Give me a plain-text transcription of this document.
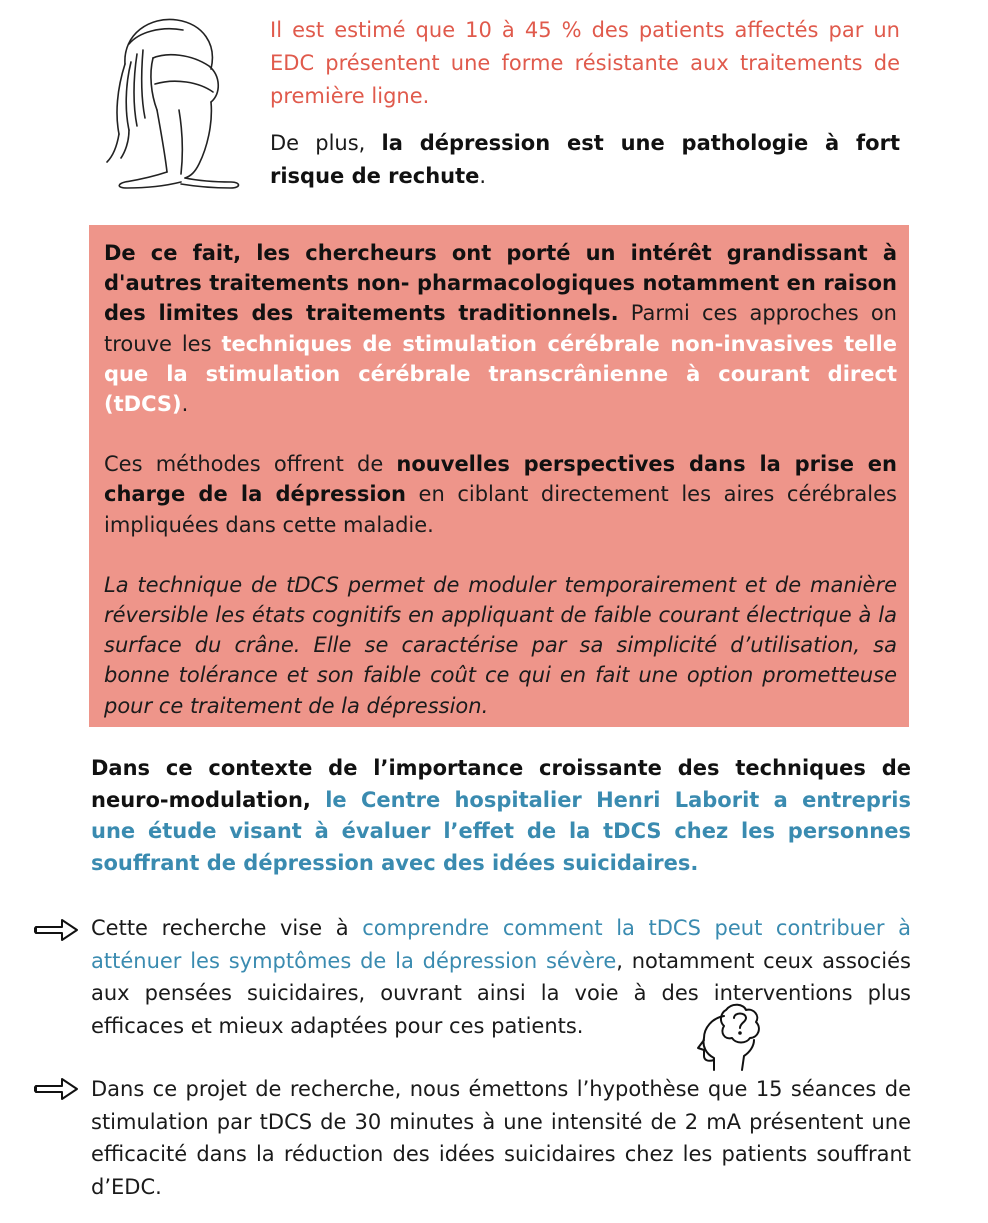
Il est estimé que 10 à 45 % des patients affectés par un EDC présentent une forme résistante aux traitements de première ligne.

De plus, la dépression est une pathologie à fort risque de rechute.

De ce fait, les chercheurs ont porté un intérêt grandissant à d'autres traitements non- pharmacologiques notamment en raison des limites des traitements traditionnels. Parmi ces approches on trouve les techniques de stimulation cérébrale non-invasives telle que la stimulation cérébrale transcrânienne à courant direct (tDCS).

Ces méthodes offrent de nouvelles perspectives dans la prise en charge de la dépression en ciblant directement les aires cérébrales impliquées dans cette maladie.

La technique de tDCS permet de moduler temporairement et de manière réversible les états cognitifs en appliquant de faible courant électrique à la surface du crâne. Elle se caractérise par sa simplicité d’utilisation, sa bonne tolérance et son faible coût ce qui en fait une option prometteuse pour ce traitement de la dépression.

Dans ce contexte de l’importance croissante des techniques de neuro-modulation, le Centre hospitalier Henri Laborit a entrepris une étude visant à évaluer l’effet de la tDCS chez les personnes souffrant de dépression avec des idées suicidaires.

Cette recherche vise à comprendre comment la tDCS peut contribuer à atténuer les symptômes de la dépression sévère, notamment ceux associés aux pensées suicidaires, ouvrant ainsi la voie à des interventions plus efficaces et mieux adaptées pour ces patients.

Dans ce projet de recherche, nous émettons l’hypothèse que 15 séances de stimulation par tDCS de 30 minutes à une intensité de 2 mA présentent une efficacité dans la réduction des idées suicidaires chez les patients souffrant d’EDC.
